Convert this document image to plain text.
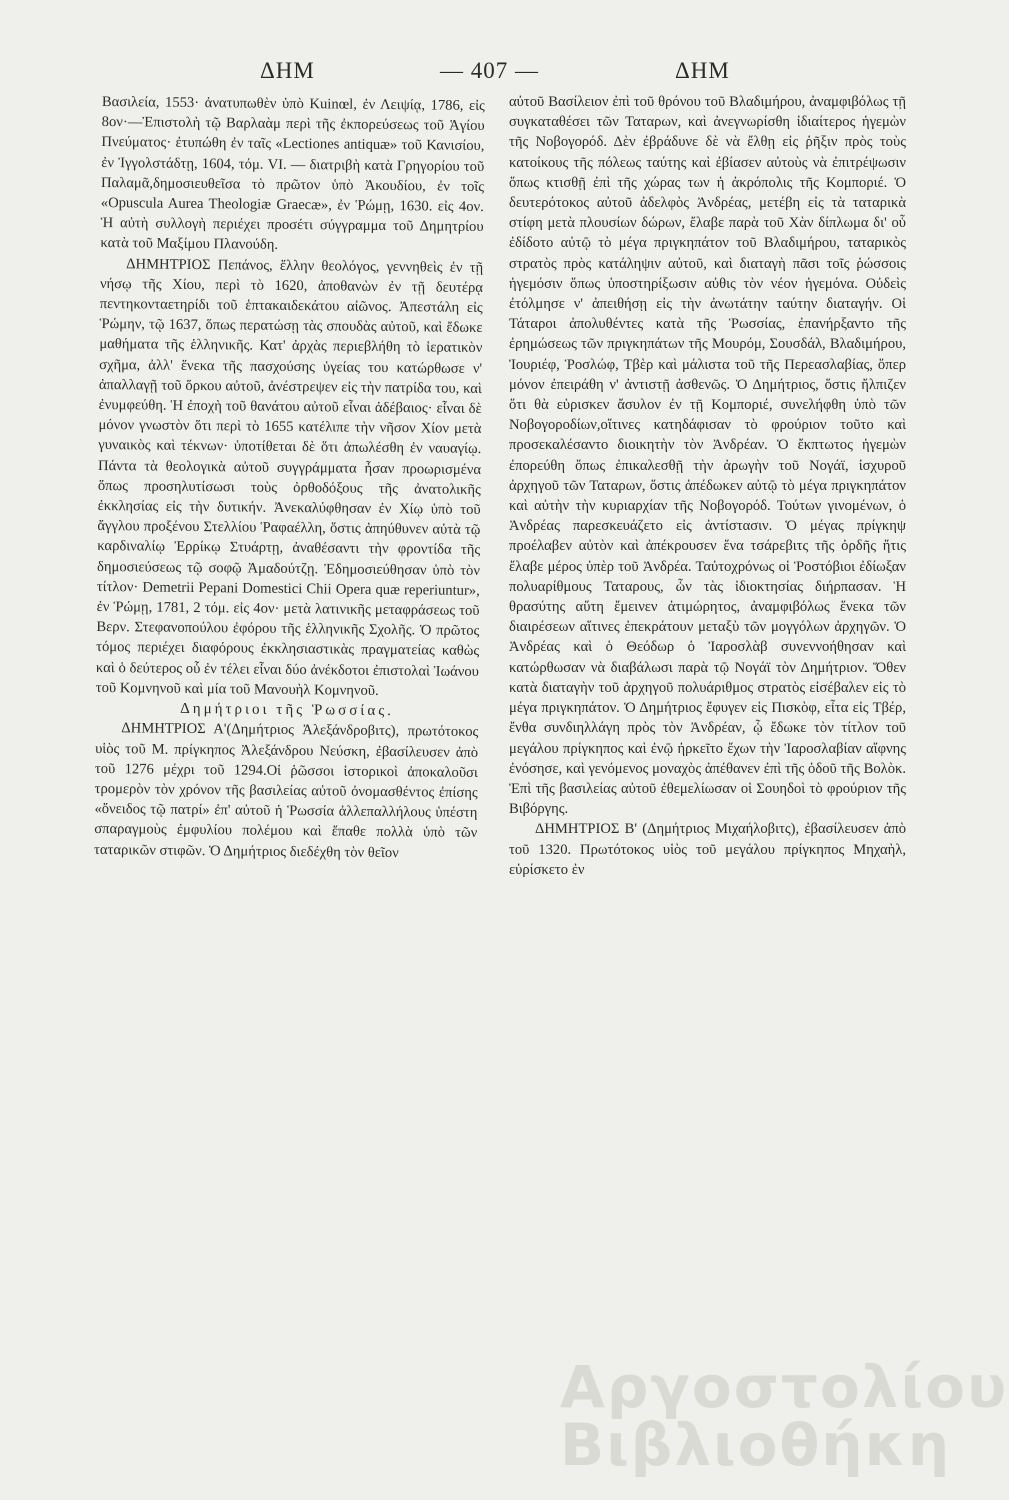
ΔΗΜ	— 407 —	ΔΗΜ

Βασιλεία, 1553· ἀνατυπωθὲν ὑπὸ Kuinœl, ἐν Λειψίᾳ, 1786, εἰς 8ον·—Ἐπιστολὴ τῷ Βαρλαὰμ περὶ τῆς ἐκπορεύσεως τοῦ Ἁγίου Πνεύματος· ἐτυπώθη ἐν ταῖς «Lectiones antiquæ» τοῦ Κανισίου, ἐν Ἰγγολστάδτῃ, 1604, τόμ. VI. — διατριβὴ κατὰ Γρηγορίου τοῦ Παλαμᾶ,δημοσιευθεῖσα τὸ πρῶτον ὑπὸ Ἀκουδίου, ἐν τοῖς «Opuscula Aurea Theologiæ Graecæ», ἐν Ῥώμῃ, 1630. εἰς 4ον. Ἡ αὐτὴ συλλογὴ περιέχει προσέτι σύγγραμμα τοῦ Δημητρίου κατὰ τοῦ Μαξίμου Πλανούδη.

ΔΗΜΗΤΡΙΟΣ Πεπάνος, ἕλλην θεολόγος, γεννηθεὶς ἐν τῇ νήσῳ τῆς Χίου, περὶ τὸ 1620, ἀποθανὼν ἐν τῇ δευτέρᾳ πεντηκονταετηρίδι τοῦ ἑπτακαιδεκάτου αἰῶνος. Ἀπεστάλη εἰς Ῥώμην, τῷ 1637, ὅπως περατώσῃ τὰς σπουδὰς αὐτοῦ, καὶ ἔδωκε μαθήματα τῆς ἑλληνικῆς. Κατ' ἀρχὰς περιεβλήθη τὸ ἱερατικὸν σχῆμα, ἀλλ' ἕνεκα τῆς πασχούσης ὑγείας του κατώρθωσε ν' ἀπαλλαγῇ τοῦ ὅρκου αὐτοῦ, ἀνέστρεψεν εἰς τὴν πατρίδα του, καὶ ἐνυμφεύθη. Ἡ ἐποχὴ τοῦ θανάτου αὐτοῦ εἶναι ἀδέβαιος· εἶναι δὲ μόνον γνωστὸν ὅτι περὶ τὸ 1655 κατέλιπε τὴν νῆσον Χίον μετὰ γυναικὸς καὶ τέκνων· ὑποτίθεται δὲ ὅτι ἀπωλέσθη ἐν ναυαγίῳ. Πάντα τὰ θεολογικὰ αὐτοῦ συγγράμματα ἦσαν προωρισμένα ὅπως προσηλυτίσωσι τοὺς ὀρθοδόξους τῆς ἀνατολικῆς ἐκκλησίας εἰς τὴν δυτικήν. Ἀνεκαλύφθησαν ἐν Χίῳ ὑπὸ τοῦ ἄγγλου προξένου Στελλίου Ῥαφαέλλη, ὅστις ἀπηύθυνεν αὐτὰ τῷ καρδιναλίῳ Ἐρρίκῳ Στυάρτῃ, ἀναθέσαντι τὴν φροντίδα τῆς δημοσιεύσεως τῷ σοφῷ Ἀμαδούτζῃ. Ἐδημοσιεύθησαν ὑπὸ τὸν τίτλον· Demetrii Pepani Domestici Chii Opera quæ reperiuntur», ἐν Ῥώμῃ, 1781, 2 τόμ. εἰς 4ον· μετὰ λατινικῆς μεταφράσεως τοῦ Βερν. Στεφανοπούλου ἐφόρου τῆς ἑλληνικῆς Σχολῆς. Ὁ πρῶτος τόμος περιέχει διαφόρους ἐκκλησιαστικὰς πραγματείας καθὼς καὶ ὁ δεύτερος οὗ ἐν τέλει εἶναι δύο ἀνέκδοτοι ἐπιστολαὶ Ἰωάνου τοῦ Κομνηνοῦ καὶ μία τοῦ Μανουὴλ Κομνηνοῦ.

Δημήτριοι τῆς Ῥωσσίας.

ΔΗΜΗΤΡΙΟΣ Α'(Δημήτριος Ἀλεξάνδροβιτς), πρωτότοκος υἱὸς τοῦ Μ. πρίγκηπος Ἀλεξάνδρου Νεύσκη, ἐβασίλευσεν ἀπὸ τοῦ 1276 μέχρι τοῦ 1294.Οἱ ῥῶσσοι ἱστορικοὶ ἀποκαλοῦσι τρομερὸν τὸν χρόνον τῆς βασιλείας αὐτοῦ ὀνομασθέντος ἐπίσης «ὄνειδος τῷ πατρί» ἐπ' αὐτοῦ ἡ Ῥωσσία ἀλλεπαλλήλους ὑπέστη σπαραγμοὺς ἐμφυλίου πολέμου καὶ ἔπαθε πολλὰ ὑπὸ τῶν ταταρικῶν στιφῶν. Ὁ Δημήτριος διεδέχθη τὸν θεῖον

αὐτοῦ Βασίλειον ἐπὶ τοῦ θρόνου τοῦ Βλαδιμήρου, ἀναμφιβόλως τῇ συγκαταθέσει τῶν Ταταρων, καὶ ἀνεγνωρίσθη ἰδιαίτερος ἡγεμὼν τῆς Νοβογορόδ. Δὲν ἐβράδυνε δὲ νὰ ἔλθῃ εἰς ῥῆξιν πρὸς τοὺς κατοίκους τῆς πόλεως ταύτης καὶ ἐβίασεν αὐτοὺς νὰ ἐπιτρέψωσιν ὅπως κτισθῇ ἐπὶ τῆς χώρας των ἡ ἀκρόπολις τῆς Κομποριέ. Ὁ δευτερότοκος αὐτοῦ ἀδελφὸς Ἀνδρέας, μετέβη εἰς τὰ ταταρικὰ στίφη μετὰ πλουσίων δώρων, ἔλαβε παρὰ τοῦ Χὰν δίπλωμα δι' οὗ ἐδίδοτο αὐτῷ τὸ μέγα πριγκηπάτον τοῦ Βλαδιμήρου, ταταρικὸς στρατὸς πρὸς κατάληψιν αὐτοῦ, καὶ διαταγὴ πᾶσι τοῖς ῥώσσοις ἡγεμόσιν ὅπως ὑποστηρίξωσιν αὐθις τὸν νέον ἡγεμόνα. Οὐδεὶς ἐτόλμησε ν' ἀπειθήσῃ εἰς τὴν ἀνωτάτην ταύτην διαταγήν. Οἱ Τάταροι ἀπολυθέντες κατὰ τῆς Ῥωσσίας, ἐπανήρξαντο τῆς ἐρημώσεως τῶν πριγκηπάτων τῆς Μουρόμ, Σουσδάλ, Βλαδιμήρου, Ἰουριέφ, Ῥοσλώφ, Τβὲρ καὶ μάλιστα τοῦ τῆς Περεασλαβίας, ὅπερ μόνον ἐπειράθη ν' ἀντιστῇ ἀσθενῶς. Ὁ Δημήτριος, ὅστις ἤλπιζεν ὅτι θὰ εὑρισκεν ἄσυλον ἐν τῇ Κομποριέ, συνελήφθη ὑπὸ τῶν Νοβογοροδίων,οἵτινες κατηδάφισαν τὸ φρούριον τοῦτο καὶ προσεκαλέσαντο διοικητὴν τὸν Ἀνδρέαν. Ὁ ἔκπτωτος ἡγεμὼν ἐπορεύθη ὅπως ἐπικαλεσθῇ τὴν ἀρωγὴν τοῦ Νογάϊ, ἰσχυροῦ ἀρχηγοῦ τῶν Ταταρων, ὅστις ἀπέδωκεν αὐτῷ τὸ μέγα πριγκηπάτον καὶ αὐτὴν τὴν κυριαρχίαν τῆς Νοβογορόδ. Τούτων γινομένων, ὁ Ἀνδρέας παρεσκευάζετο εἰς ἀντίστασιν. Ὁ μέγας πρίγκηψ προέλαβεν αὐτὸν καὶ ἀπέκρουσεν ἕνα τσάρεβιτς τῆς ὀρδῆς ἥτις ἔλαβε μέρος ὑπὲρ τοῦ Ἀνδρέα. Ταὐτοχρόνως οἱ Ῥοστόβιοι ἐδίωξαν πολυαρίθμους Ταταρους, ὧν τὰς ἰδιοκτησίας διήρπασαν. Ἡ θρασύτης αὕτη ἔμεινεν ἀτιμώρητος, ἀναμφιβόλως ἕνεκα τῶν διαιρέσεων αἵτινες ἐπεκράτουν μεταξὺ τῶν μογγόλων ἀρχηγῶν. Ὁ Ἀνδρέας καὶ ὁ Θεόδωρ ὁ Ἰαροσλὰβ συνεννοήθησαν καὶ κατώρθωσαν νὰ διαβάλωσι παρὰ τῷ Νογάϊ τὸν Δημήτριον. Ὅθεν κατὰ διαταγὴν τοῦ ἀρχηγοῦ πολυάριθμος στρατὸς εἰσέβαλεν εἰς τὸ μέγα πριγκηπάτον. Ὁ Δημήτριος ἔφυγεν εἰς Πισκὸφ, εἶτα εἰς Τβέρ, ἔνθα συνδιηλλάγη πρὸς τὸν Ἀνδρέαν, ᾧ ἔδωκε τὸν τίτλον τοῦ μεγάλου πρίγκηπος καὶ ἐνῷ ἠρκεῖτο ἔχων τὴν Ἰαροσλαβίαν αἴφνης ἐνόσησε, καὶ γενόμενος μοναχὸς ἀπέθανεν ἐπὶ τῆς ὁδοῦ τῆς Βολὸκ. Ἐπὶ τῆς βασιλείας αὐτοῦ ἐθεμελίωσαν οἱ Σουηδοὶ τὸ φρούριον τῆς Βιβόργης.

ΔΗΜΗΤΡΙΟΣ Β' (Δημήτριος Μιχαήλοβιτς), ἐβασίλευσεν ἀπὸ τοῦ 1320. Πρωτότοκος υἱὸς τοῦ μεγάλου πρίγκηπος Μηχαὴλ, εὑρίσκετο ἐν

Αργοστολίου Βιβλιοθήκη
